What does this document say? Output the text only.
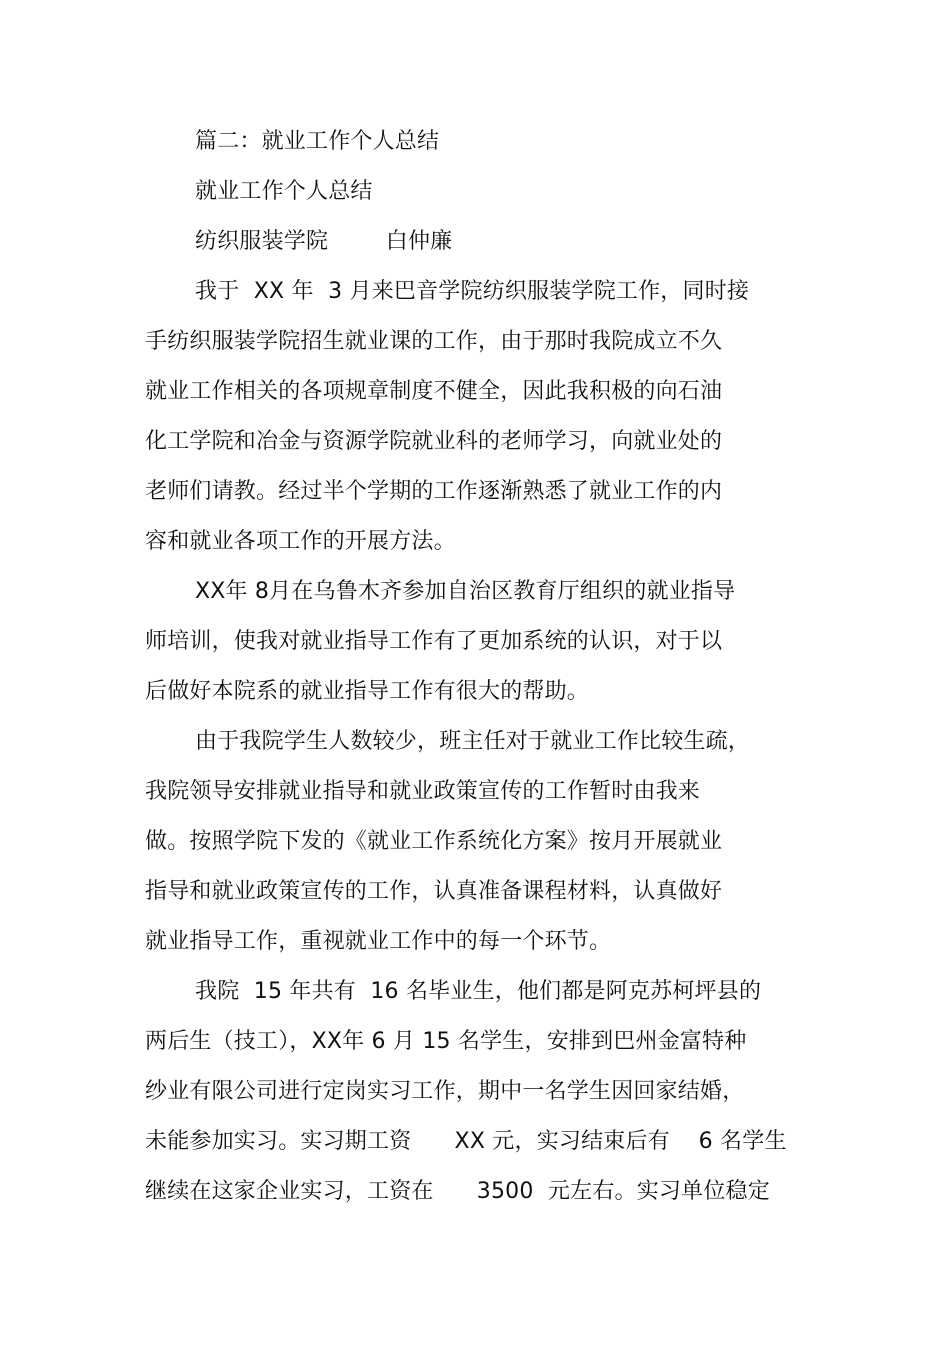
篇二：就业工作个人总结
就业工作个人总结
纺织服装学院        白仲廉
我于  XX 年  3 月来巴音学院纺织服装学院工作，同时接
手纺织服装学院招生就业课的工作，由于那时我院成立不久
就业工作相关的各项规章制度不健全，因此我积极的向石油
化工学院和冶金与资源学院就业科的老师学习，向就业处的
老师们请教。经过半个学期的工作逐渐熟悉了就业工作的内
容和就业各项工作的开展方法。
XX年 8月在乌鲁木齐参加自治区教育厅组织的就业指导
师培训，使我对就业指导工作有了更加系统的认识，对于以
后做好本院系的就业指导工作有很大的帮助。
由于我院学生人数较少，班主任对于就业工作比较生疏，
我院领导安排就业指导和就业政策宣传的工作暂时由我来
做。按照学院下发的《就业工作系统化方案》按月开展就业
指导和就业政策宣传的工作，认真准备课程材料，认真做好
就业指导工作，重视就业工作中的每一个环节。
我院  15 年共有  16 名毕业生，他们都是阿克苏柯坪县的
两后生（技工），XX年 6 月 15 名学生，安排到巴州金富特种
纱业有限公司进行定岗实习工作，期中一名学生因回家结婚，
未能参加实习。实习期工资      XX 元，实习结束后有    6 名学生
继续在这家企业实习，工资在      3500  元左右。实习单位稳定
